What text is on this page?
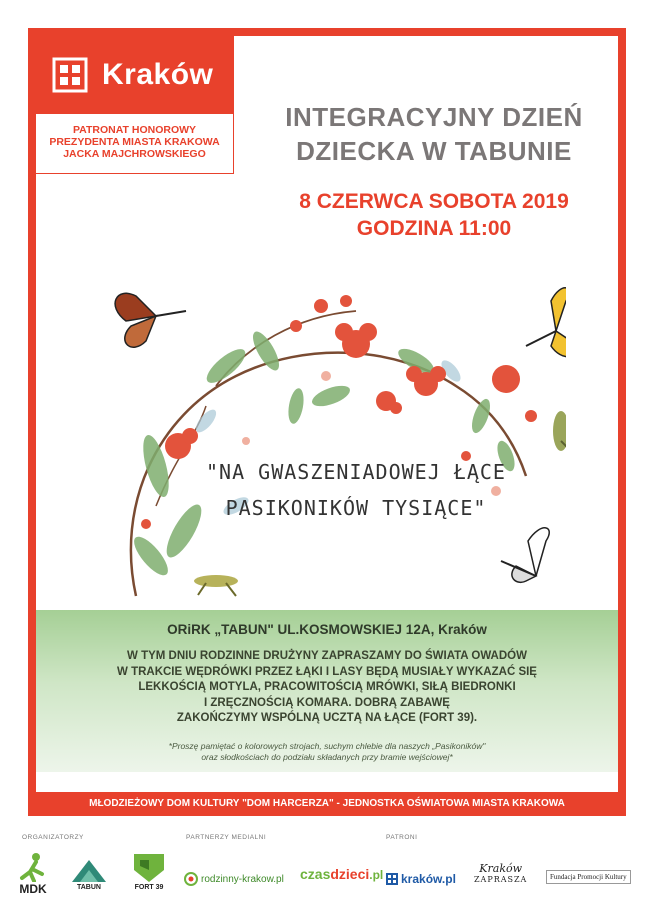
Kraków
PATRONAT HONOROWY
PREZYDENTA MIASTA KRAKOWA
JACKA MAJCHROWSKIEGO
INTEGRACYJNY DZIEŃ
DZIECKA W TABUNIE
8 CZERWCA SOBOTA 2019
GODZINA 11:00
"NA GWASZENIADOWEJ ŁĄCE
PASIKONIKÓW TYSIĄCE"
ORiRK „TABUN" UL.KOSMOWSKIEJ 12A, Kraków
W TYM DNIU RODZINNE DRUŻYNY ZAPRASZAMY DO ŚWIATA OWADÓW
W TRAKCIE WĘDRÓWKI PRZEZ ŁĄKI I LASY BĘDĄ MUSIAŁY WYKAZAĆ SIĘ
LEKKOŚCIĄ MOTYLA, PRACOWITOŚCIĄ MRÓWKI, SIŁĄ BIEDRONKI
I ZRĘCZNOŚCIĄ KOMARA. DOBRĄ ZABAWĘ
ZAKOŃCZYMY WSPÓLNĄ UCZTĄ NA ŁĄCE (FORT 39).
*Proszę pamiętać o kolorowych strojach, suchym chlebie dla naszych „Pasikoników"
oraz słodkościach do podziału składanych przy bramie wejściowej*
MŁODZIEŻOWY DOM KULTURY "DOM HARCERZA" - JEDNOSTKA OŚWIATOWA MIASTA KRAKOWA
ORGANIZATORZY	PARTNERZY MEDIALNI	PATRONI
MDK	TABUN	FORT 39
rodzinny-krakow.pl czas dzieci .pl kraków.pl
Kraków
ZAPRASZA	Fundacja Promocji Kultury
